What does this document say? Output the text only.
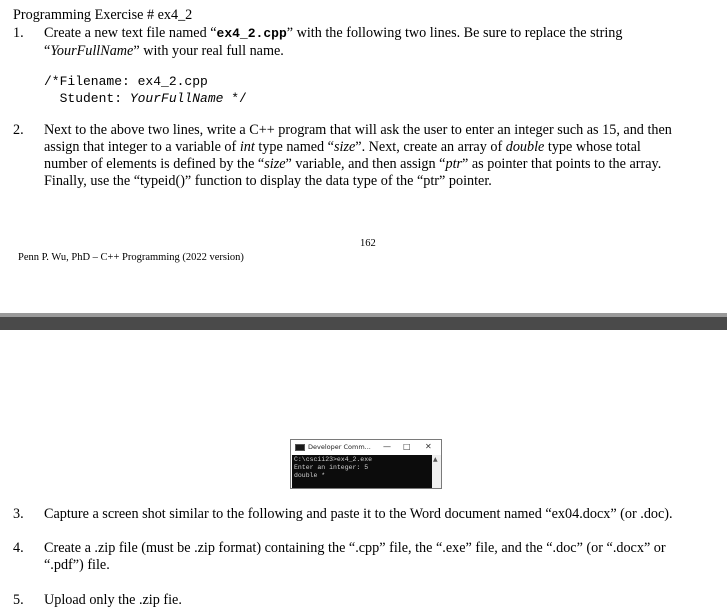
Programming Exercise # ex4_2
1. Create a new text file named “ex4_2.cpp” with the following two lines. Be sure to replace the string
“YourFullName” with your real full name.
/*Filename: ex4_2.cpp
Student: YourFullName */
2. Next to the above two lines, write a C++ program that will ask the user to enter an integer such as 15, and then
assign that integer to a variable of int type named “size”. Next, create an array of double type whose total
number of elements is defined by the “size” variable, and then assign “ptr” as pointer that points to the array.
Finally, use the “typeid()” function to display the data type of the “ptr” pointer.
162
Penn P. Wu, PhD – C++ Programming (2022 version)
Developer Comm... — □ ✕
C:\cscii23>ex4_2.exe
Enter an integer: 5
double *
▲
3. Capture a screen shot similar to the following and paste it to the Word document named “ex04.docx” (or .doc).
4. Create a .zip file (must be .zip format) containing the “.cpp” file, the “.exe” file, and the “.doc” (or “.docx” or
“.pdf”) file.
5. Upload only the .zip fie.
